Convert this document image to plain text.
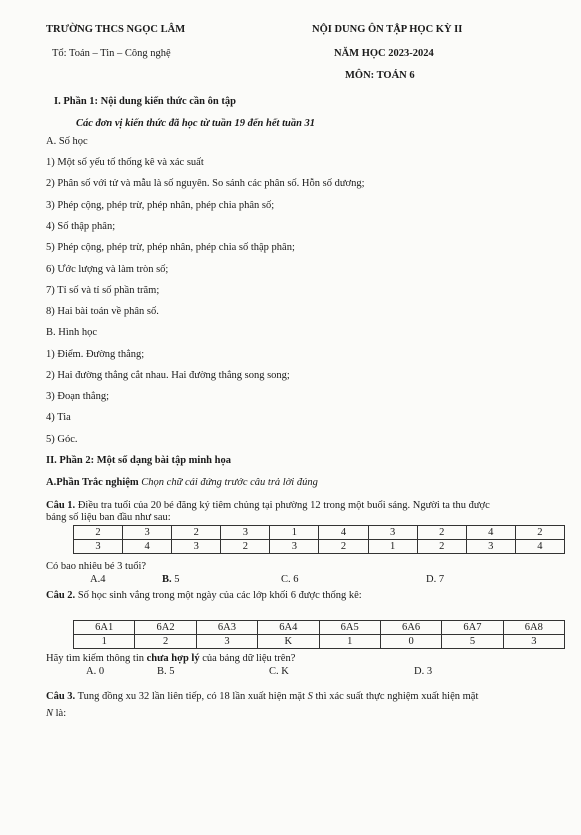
TRƯỜNG THCS NGỌC LÂM
Tổ: Toán – Tin – Công nghệ
NỘI DUNG ÔN TẬP HỌC KỲ II
NĂM HỌC 2023-2024
MÔN: TOÁN 6
I. Phần 1: Nội dung kiến thức cần ôn tập
Các đơn vị kiến thức đã học từ tuần 19 đến hết tuần 31
A. Số học
1) Một số yếu tố thống kê và xác suất
2) Phân số với tử và mẫu là số nguyên. So sánh các phân số. Hỗn số dương;
3) Phép cộng, phép trừ, phép nhân, phép chia phân số;
4) Số thập phân;
5) Phép cộng, phép trừ, phép nhân, phép chia số thập phân;
6) Ước lượng và làm tròn số;
7) Tỉ số và tỉ số phần trăm;
8) Hai bài toán về phân số.
B. Hình học
1) Điểm. Đường thẳng;
2) Hai đường thẳng cắt nhau. Hai đường thẳng song song;
3) Đoạn thẳng;
4) Tia
5) Góc.
II. Phần 2: Một số dạng bài tập minh họa
A.Phần Trắc nghiệm Chọn chữ cái đứng trước câu trả lời đúng
Câu 1. Điều tra tuổi của 20 bé đăng ký tiêm chủng tại phường 12 trong một buổi sáng. Người ta thu được
bảng số liệu ban đầu như sau:
2	3	2	3	1	4	3	2	4	2
3	4	3	2	3	2	1	2	3	4
Có bao nhiêu bé 3 tuổi?
A.4	B. 5	C. 6	D. 7
Câu 2. Số học sinh vắng trong một ngày của các lớp khối 6 được thống kê:
6A1	6A2	6A3	6A4	6A5	6A6	6A7	6A8
1	2	3	K	1	0	5	3
Hãy tìm kiếm thông tin chưa hợp lý của bảng dữ liệu trên?
A. 0	B. 5	C. K	D. 3
Câu 3. Tung đồng xu 32 lần liên tiếp, có 18 lần xuất hiện mặt S thì xác suất thực nghiệm xuất hiện mặt
N là:
